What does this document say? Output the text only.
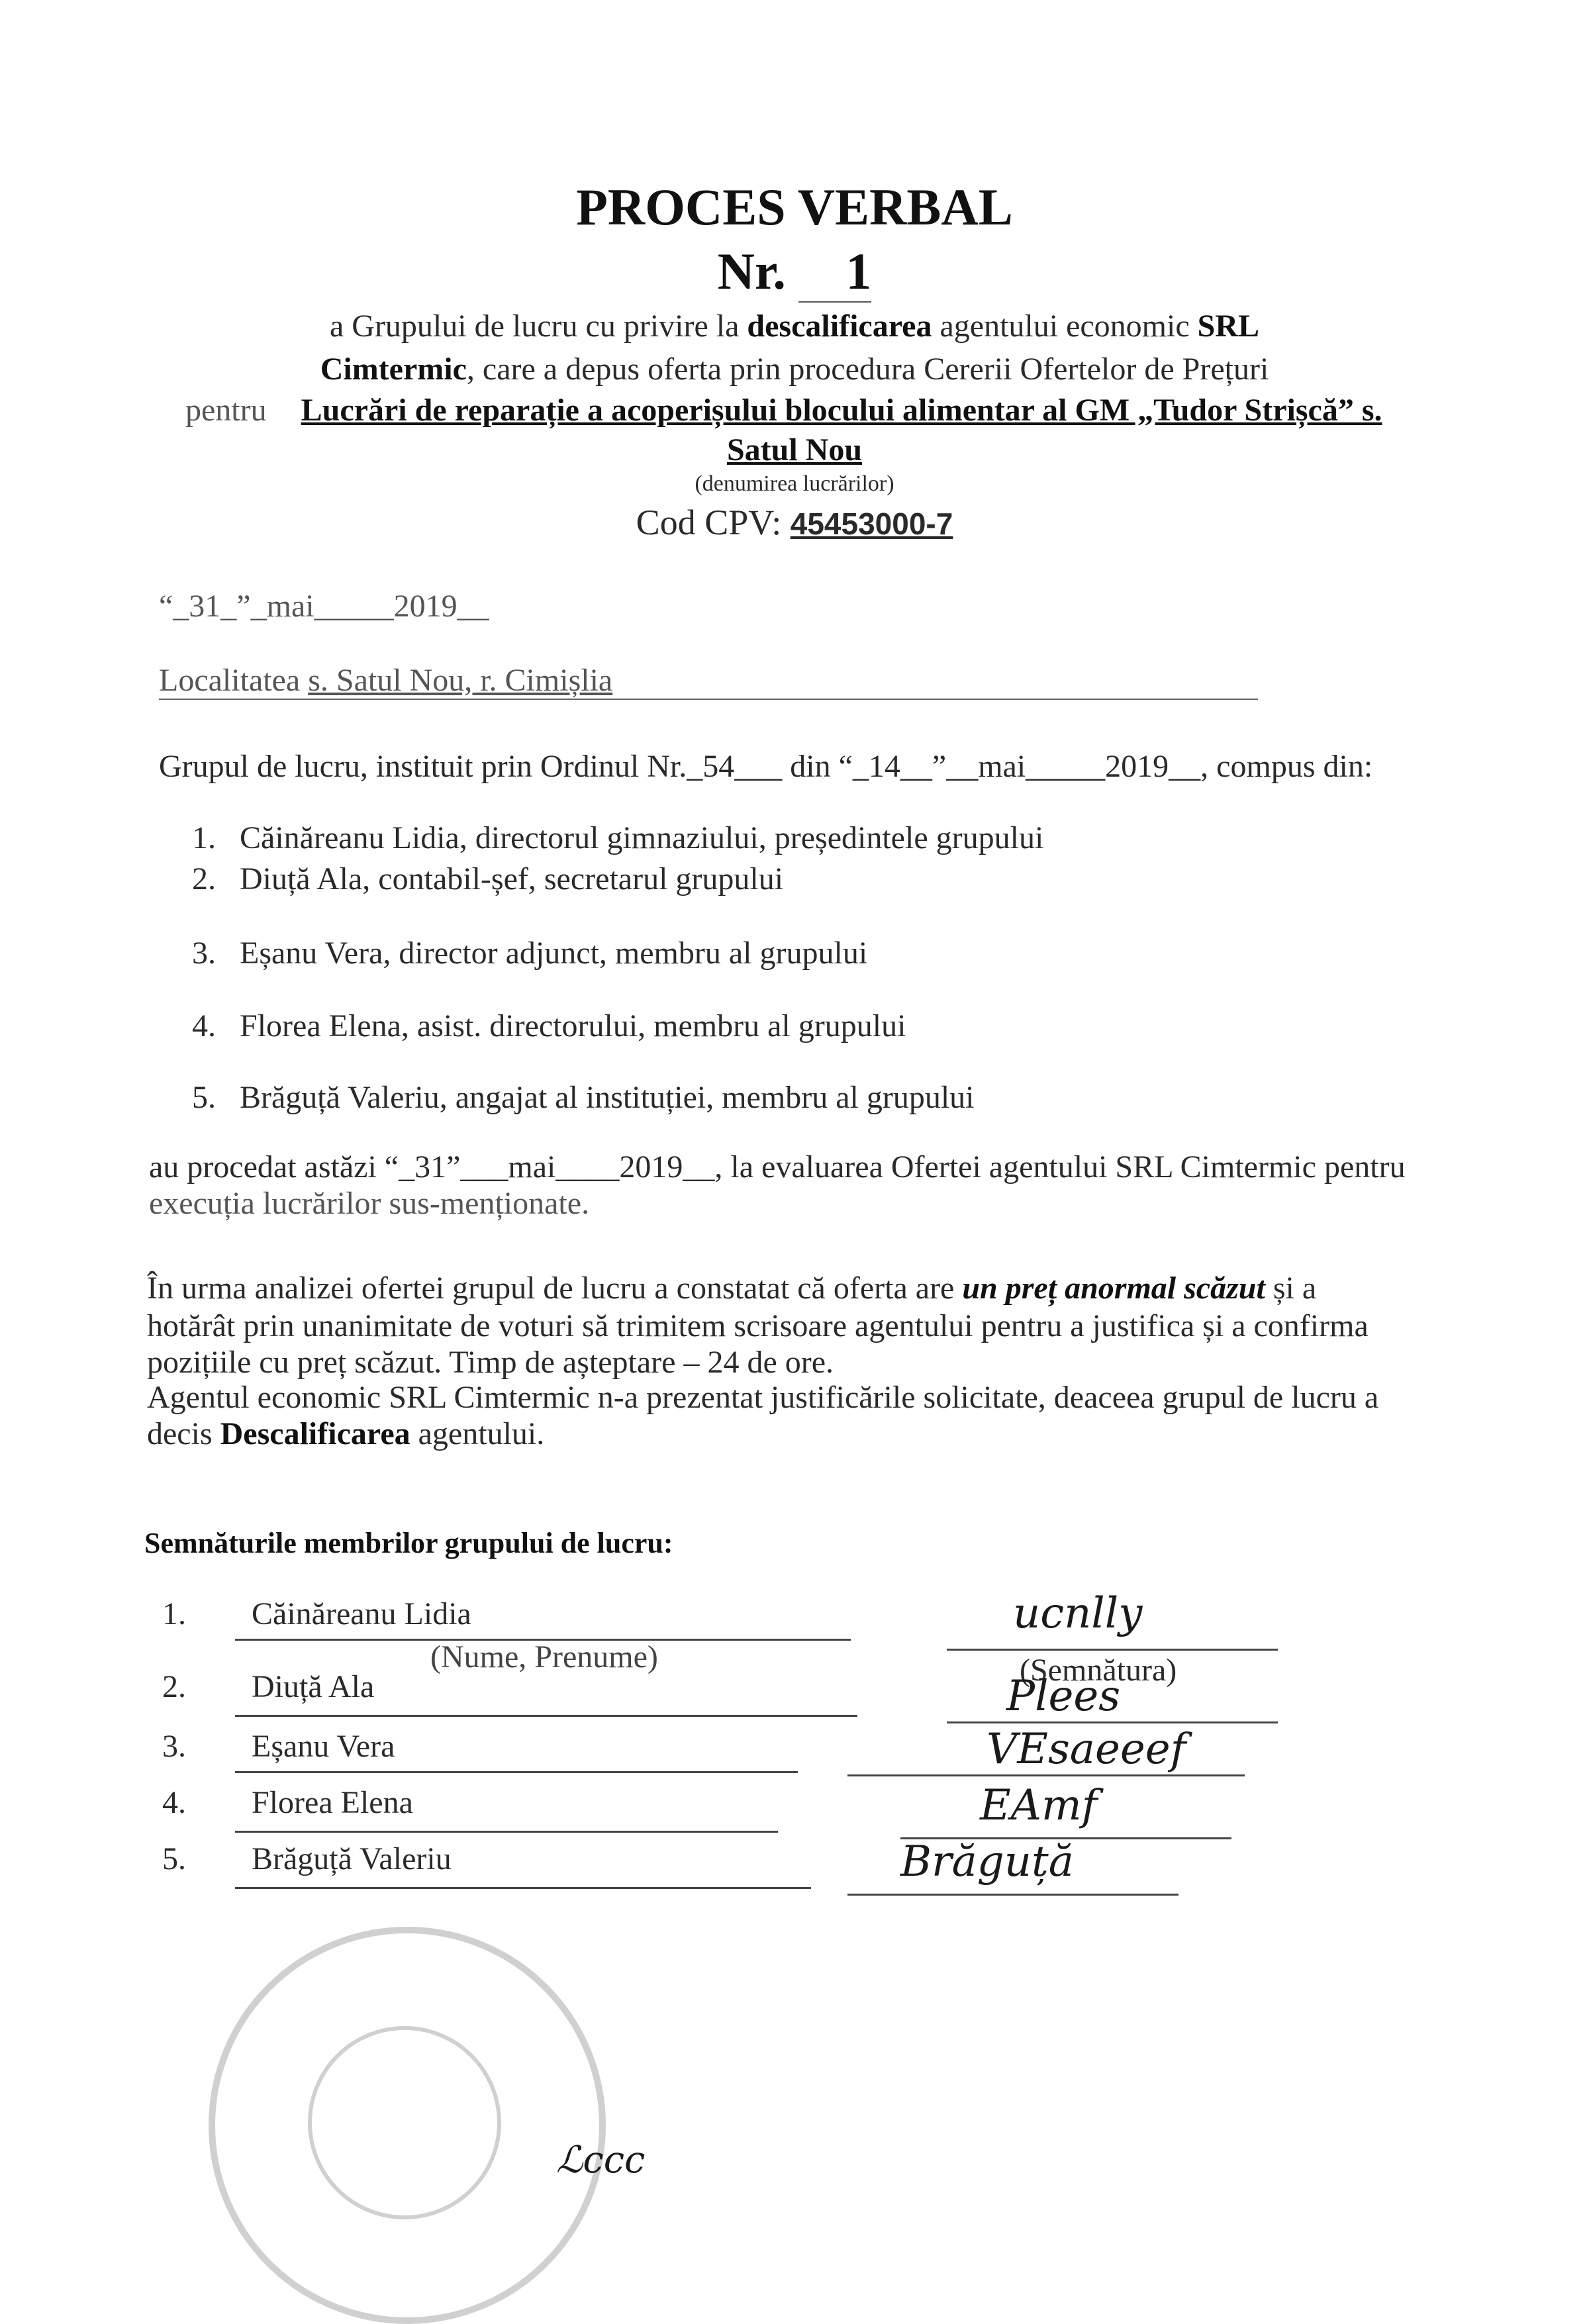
PROCES VERBAL
Nr. 1
a Grupului de lucru cu privire la descalificarea agentului economic SRL
Cimtermic, care a depus oferta prin procedura Cererii Ofertelor de Prețuri
pentru Lucrări de reparație a acoperișului blocului alimentar al GM „Tudor Strișcă” s.
Satul Nou
(denumirea lucrărilor)
Cod CPV: 45453000-7
“_31_”_mai_____2019__
Localitatea s. Satul Nou, r. Cimișlia
Grupul de lucru, instituit prin Ordinul Nr._54___ din “_14__”__mai_____2019__, compus din:
1.   Căinăreanu Lidia, directorul gimnaziului, președintele grupului
2.   Diuță Ala, contabil-șef, secretarul grupului
3.   Eșanu Vera, director adjunct, membru al grupului
4.   Florea Elena, asist. directorului, membru al grupului
5.   Brăguță Valeriu, angajat al instituției, membru al grupului
au procedat astăzi “_31”___mai____2019__, la evaluarea Ofertei agentului SRL Cimtermic pentru
execuția lucrărilor sus-menționate.
În urma analizei ofertei grupul de lucru a constatat că oferta are un preț anormal scăzut și a
hotărât prin unanimitate de voturi să trimitem scrisoare agentului pentru a justifica și a confirma
pozițiile cu preț scăzut. Timp de așteptare – 24 de ore.
Agentul economic SRL Cimtermic n-a prezentat justificările solicitate, deaceea grupul de lucru a
decis Descalificarea agentului.
Semnăturile membrilor grupului de lucru:
1. Căinăreanu Lidia	ucnlly
(Nume, Prenume)	(Semnătura)
2. Diuță Ala	Plees
3. Eșanu Vera	VEsaeeef
4. Florea Elena	EAmf
5. Brăguță Valeriu	Brăguță
ℒccc
